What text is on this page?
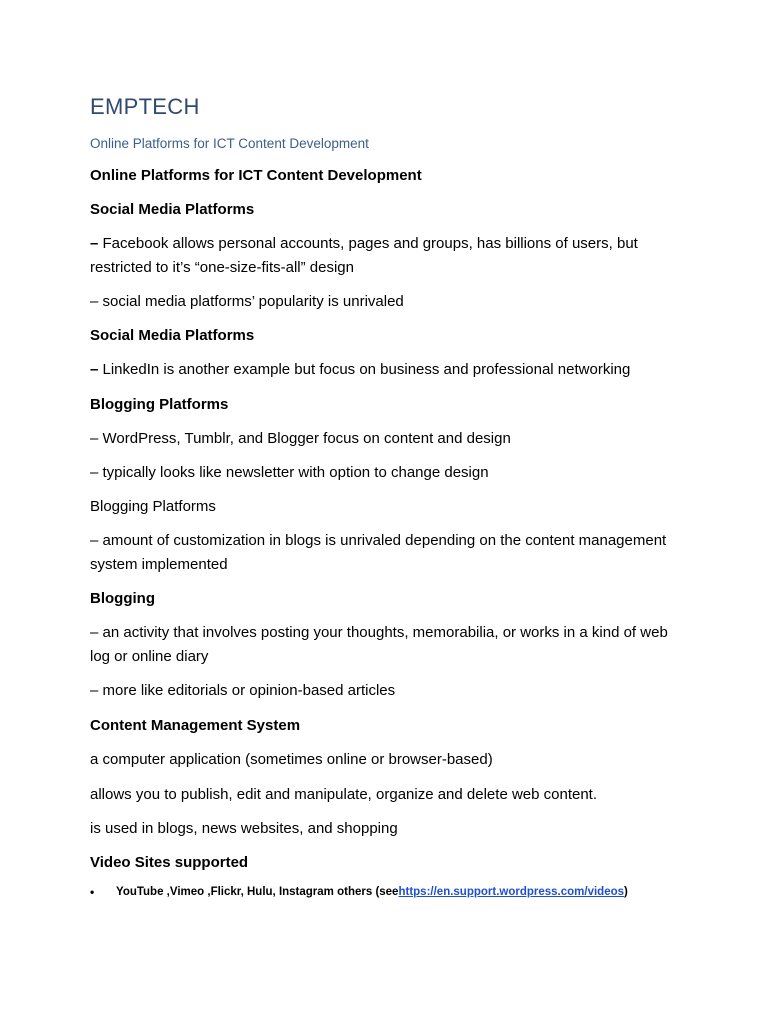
EMPTECH
Online Platforms for ICT Content Development
Online Platforms for ICT Content Development
Social Media Platforms
– Facebook allows personal accounts, pages and groups, has billions of users, but restricted to it’s “one-size-fits-all” design
– social media platforms’ popularity is unrivaled
Social Media Platforms
– LinkedIn is another example but focus on business and professional networking
Blogging Platforms
– WordPress, Tumblr, and Blogger focus on content and design
– typically looks like newsletter with option to change design
Blogging Platforms
– amount of customization in blogs is unrivaled depending on the content management system implemented
Blogging
– an activity that involves posting your thoughts, memorabilia, or works in a kind of web log or online diary
– more like editorials or opinion-based articles
Content Management System
a computer application (sometimes online or browser-based)
allows you to publish, edit and manipulate, organize and delete web content.
is used in blogs, news websites, and shopping
Video Sites supported
•	YouTube ,Vimeo ,Flickr, Hulu, Instagram others (see https://en.support.wordpress.com/videos )
